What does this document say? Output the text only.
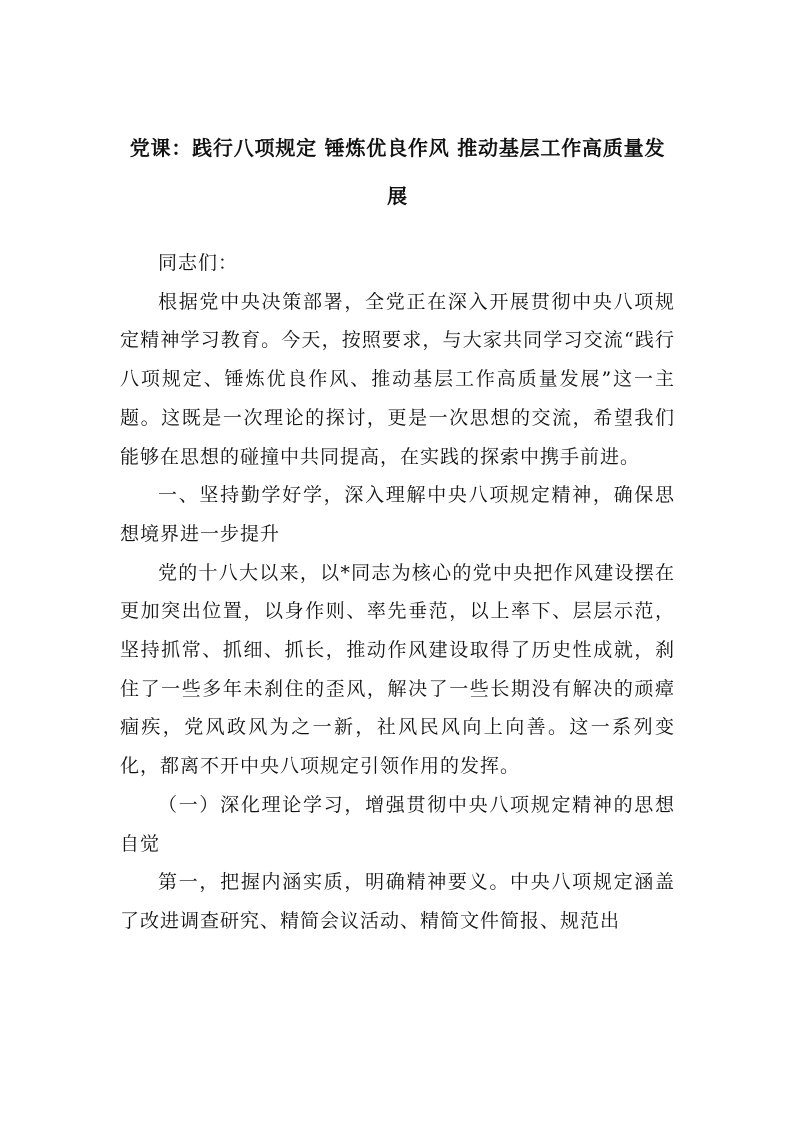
党课：践行八项规定 锤炼优良作风 推动基层工作高质量发展

同志们：

根据党中央决策部署，全党正在深入开展贯彻中央八项规定精神学习教育。今天，按照要求，与大家共同学习交流“践行八项规定、锤炼优良作风、推动基层工作高质量发展”这一主题。这既是一次理论的探讨，更是一次思想的交流，希望我们能够在思想的碰撞中共同提高，在实践的探索中携手前进。

一、坚持勤学好学，深入理解中央八项规定精神，确保思想境界进一步提升

党的十八大以来，以*同志为核心的党中央把作风建设摆在更加突出位置，以身作则、率先垂范，以上率下、层层示范，坚持抓常、抓细、抓长，推动作风建设取得了历史性成就，刹住了一些多年未刹住的歪风，解决了一些长期没有解决的顽瘴痼疾，党风政风为之一新，社风民风向上向善。这一系列变化，都离不开中央八项规定引领作用的发挥。

（一）深化理论学习，增强贯彻中央八项规定精神的思想自觉

第一，把握内涵实质，明确精神要义。中央八项规定涵盖了改进调查研究、精简会议活动、精简文件简报、规范出
